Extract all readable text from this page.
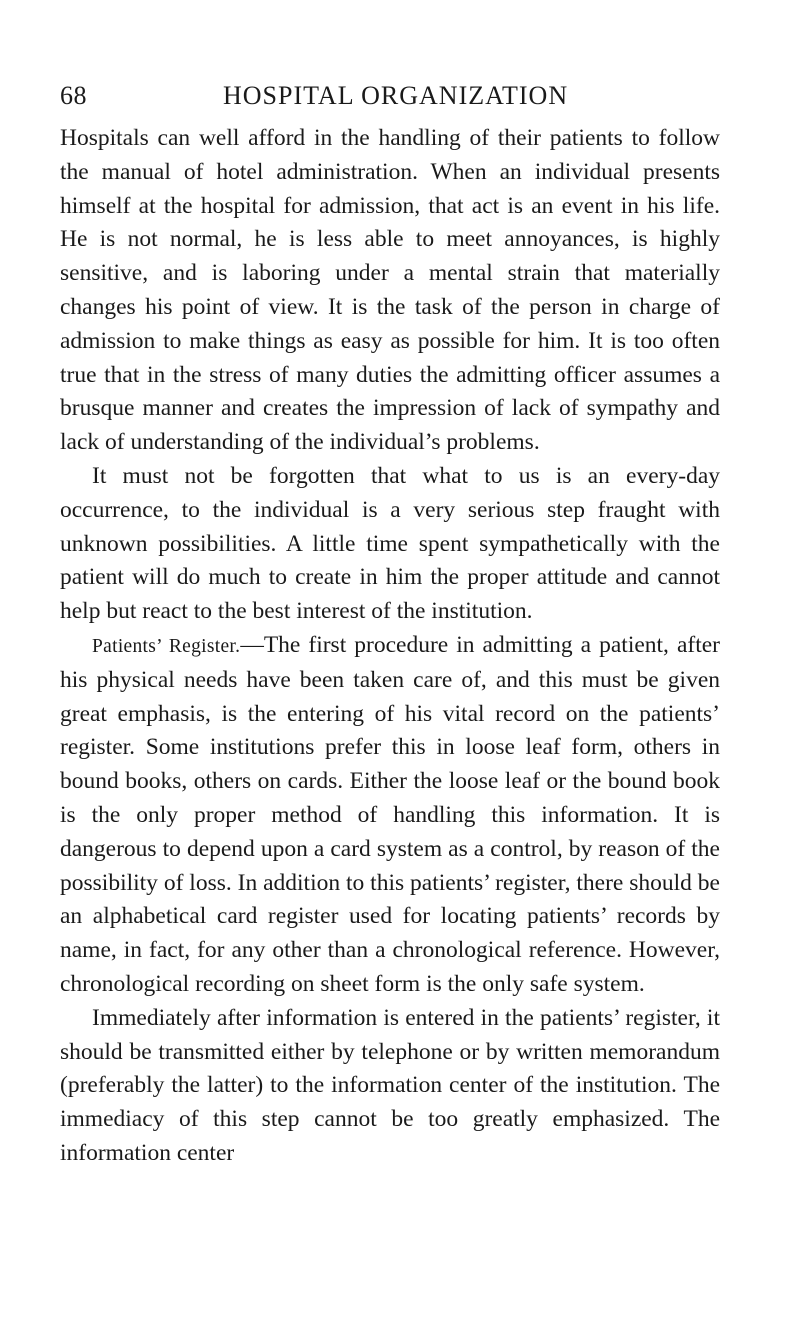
68	HOSPITAL ORGANIZATION

Hospitals can well afford in the handling of their patients to follow the manual of hotel administration. When an individual presents himself at the hospital for admission, that act is an event in his life. He is not normal, he is less able to meet annoyances, is highly sensitive, and is laboring under a mental strain that materially changes his point of view. It is the task of the person in charge of admission to make things as easy as possible for him. It is too often true that in the stress of many duties the admitting officer assumes a brusque manner and creates the impression of lack of sympathy and lack of understanding of the individual’s problems.

It must not be forgotten that what to us is an every-day occurrence, to the individual is a very serious step fraught with unknown possibilities. A little time spent sympathetically with the patient will do much to create in him the proper attitude and cannot help but react to the best interest of the institution.

Patients’ Register.—The first procedure in admitting a patient, after his physical needs have been taken care of, and this must be given great emphasis, is the entering of his vital record on the patients’ register. Some institutions prefer this in loose leaf form, others in bound books, others on cards. Either the loose leaf or the bound book is the only proper method of handling this information. It is dangerous to depend upon a card system as a control, by reason of the possibility of loss. In addition to this patients’ register, there should be an alphabetical card register used for locating patients’ records by name, in fact, for any other than a chronological reference. However, chronological recording on sheet form is the only safe system.

Immediately after information is entered in the patients’ register, it should be transmitted either by telephone or by written memorandum (preferably the latter) to the information center of the institution. The immediacy of this step cannot be too greatly emphasized. The information center
